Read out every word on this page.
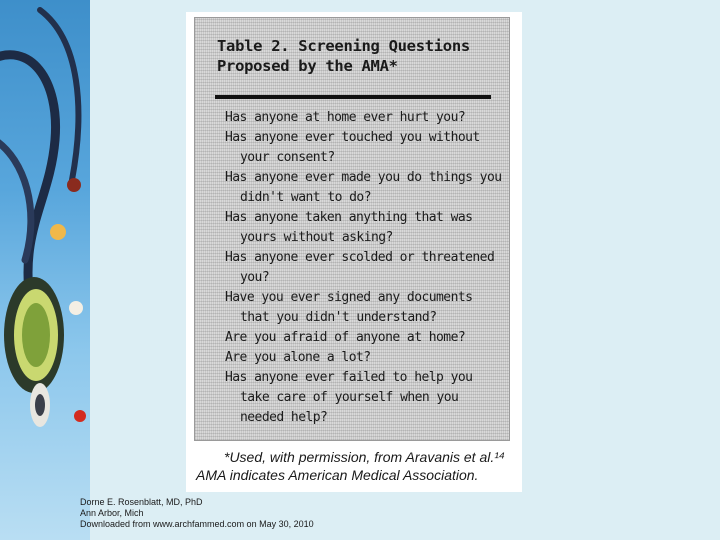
Table 2. Screening Questions
Proposed by the AMA*
Has anyone at home ever hurt you?
Has anyone ever touched you without your consent?
Has anyone ever made you do things you didn't want to do?
Has anyone taken anything that was yours without asking?
Has anyone ever scolded or threatened you?
Have you ever signed any documents that you didn't understand?
Are you afraid of anyone at home?
Are you alone a lot?
Has anyone ever failed to help you take care of yourself when you needed help?
*Used, with permission, from Aravanis et al.¹⁴
AMA indicates American Medical Association.
Dorne E. Rosenblatt, MD, PhD
Ann Arbor, Mich
Downloaded from www.archfammed.com on May 30, 2010
